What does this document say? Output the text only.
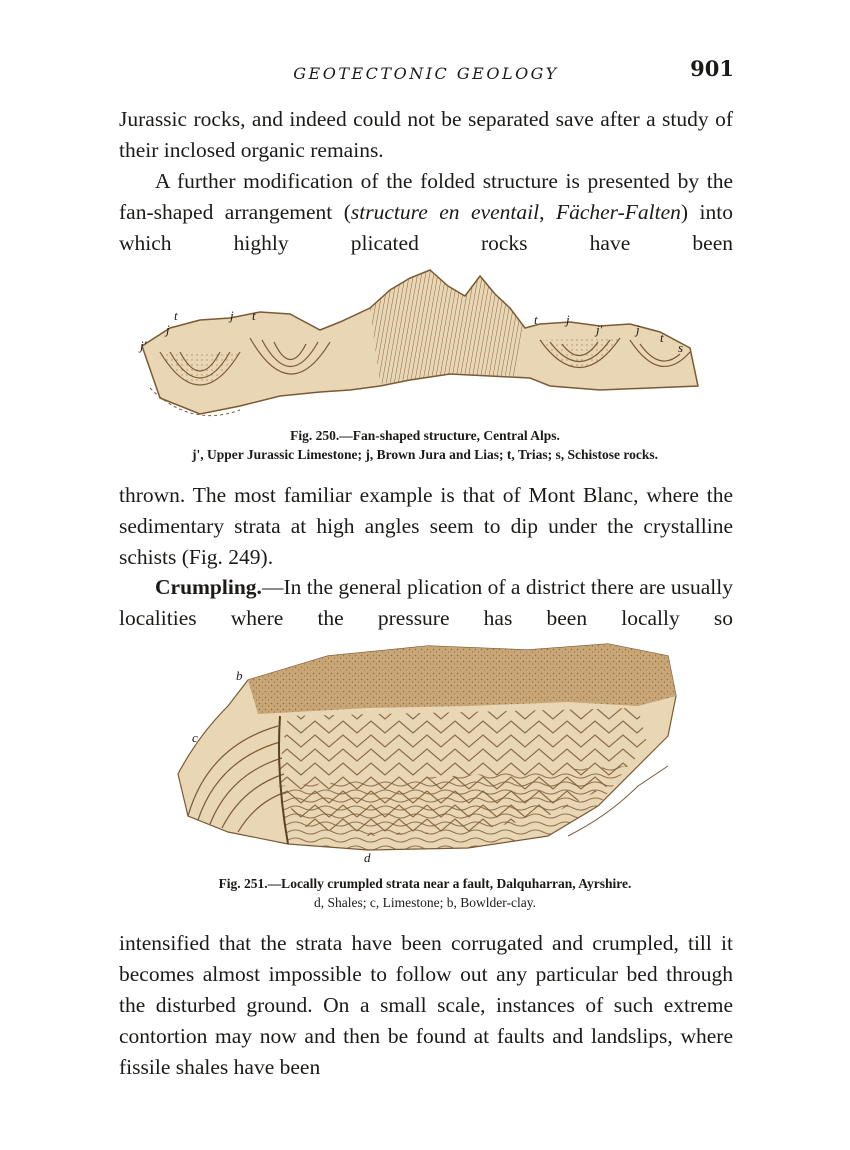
GEOTECTONIC GEOLOGY	901

Jurassic rocks, and indeed could not be separated save after a study of their inclosed organic remains.

A further modification of the folded structure is presented by the fan-shaped arrangement (structure en eventail, Fächer-Falten) into which highly plicated rocks have been

j'
j
t	j t	t j
j'	j
t
s
Fig. 250.—Fan-shaped structure, Central Alps.
j', Upper Jurassic Limestone; j, Brown Jura and Lias; t, Trias; s, Schistose rocks.

thrown. The most familiar example is that of Mont Blanc, where the sedimentary strata at high angles seem to dip under the crystalline schists (Fig. 249).

Crumpling.—In the general plication of a district there are usually localities where the pressure has been locally so

b
c
d
Fig. 251.—Locally crumpled strata near a fault, Dalquharran, Ayrshire.
d, Shales; c, Limestone; b, Bowlder-clay.

intensified that the strata have been corrugated and crumpled, till it becomes almost impossible to follow out any particular bed through the disturbed ground. On a small scale, instances of such extreme contortion may now and then be found at faults and landslips, where fissile shales have been
